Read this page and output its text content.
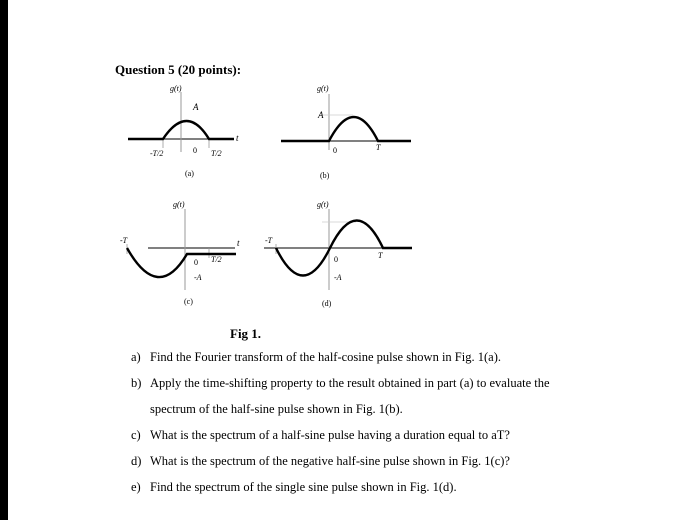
Question 5 (20 points):
g(t)
A
t
-T/2	0 T/2
(a)
g(t)
A
0	T
(b)
g(t)
-T
0 T/2
-A
t
(c)
g(t)
-T
0	T
-A
(d)
Fig 1.
a) Find the Fourier transform of the half-cosine pulse shown in Fig. 1(a).
b) Apply the time-shifting property to the result obtained in part (a) to evaluate the
spectrum of the half-sine pulse shown in Fig. 1(b).
c) What is the spectrum of a half-sine pulse having a duration equal to aT?
d) What is the spectrum of the negative half-sine pulse shown in Fig. 1(c)?
e) Find the spectrum of the single sine pulse shown in Fig. 1(d).
